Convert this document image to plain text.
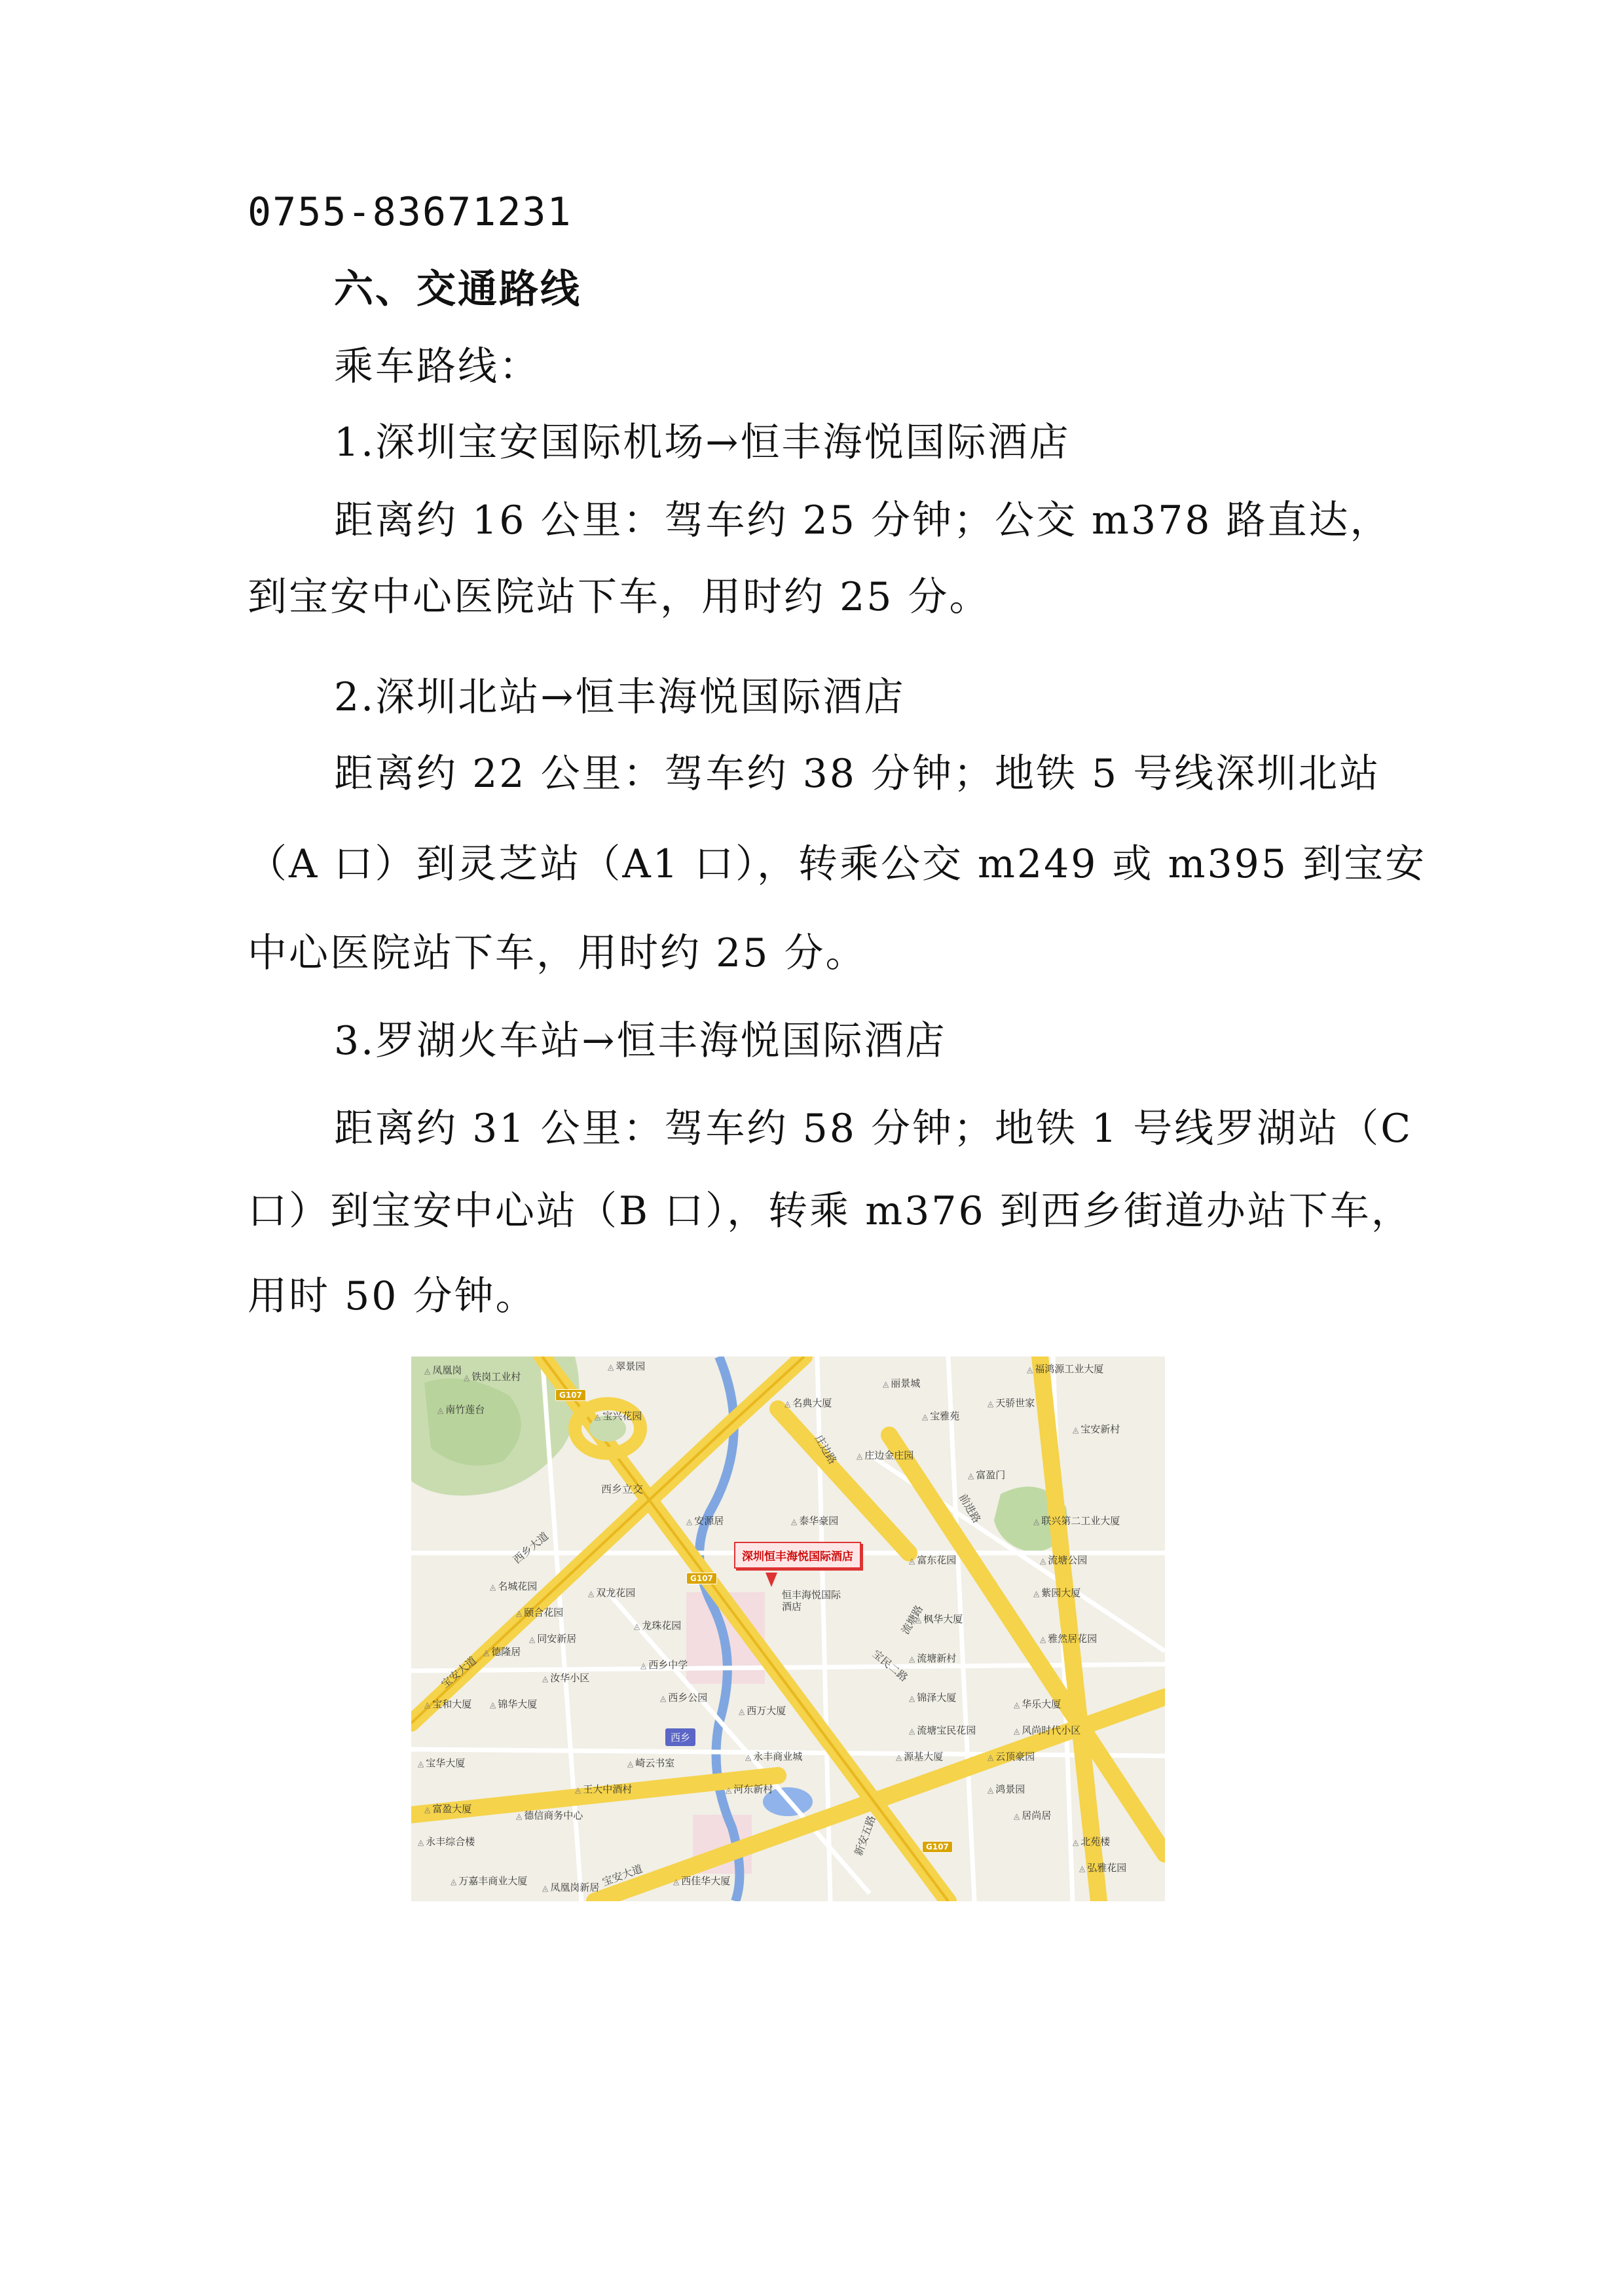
0755-83671231
六、交通路线
乘车路线：
1.深圳宝安国际机场→恒丰海悦国际酒店
距离约 16 公里：驾车约 25 分钟；公交 m378 路直达，
到宝安中心医院站下车，用时约 25 分。
2.深圳北站→恒丰海悦国际酒店
距离约 22 公里：驾车约 38 分钟；地铁 5 号线深圳北站
（A 口）到灵芝站（A1 口），转乘公交 m249 或 m395 到宝安
中心医院站下车，用时约 25 分。
3.罗湖火车站→恒丰海悦国际酒店
距离约 31 公里：驾车约 58 分钟；地铁 1 号线罗湖站（C
口）到宝安中心站（B 口），转乘 m376 到西乡街道办站下车，
用时 50 分钟。
西乡立交
G107
G107
G107
西乡大道
宝安大道
新安五路
庄边路
宝民二路
宝安大道
前进路
流塘路
◬ 翠景园
◬ 凤凰岗
◬ 铁岗工业村
◬ 南竹莲台
◬ 宝兴花园
◬ 名典大厦
◬ 丽景城
◬ 宝雅苑
◬ 天骄世家
◬ 宝安新村
◬ 福鸿源工业大厦
◬ 庄边金庄园
◬ 富盈门
◬ 安源居	◬ 泰华豪园
◬ 富东花园
◬ 联兴第二工业大厦
◬ 流塘公园
◬ 名城花园
◬ 双龙花园
◬ 颐合花园
◬ 同安新居
◬ 龙珠花园
◬ 枫华大厦
◬ 紫园大厦
◬ 雅然居花园
◬ 德隆居
◬ 汝华小区
◬ 西乡中学
◬ 流塘新村
◬ 锦泽大厦
◬ 华乐大厦
◬ 宝和大厦	◬ 锦华大厦
◬ 西乡公园
◬ 西万大厦
◬ 流塘宝民花园	◬ 风尚时代小区
◬ 崎云书室
◬ 永丰商业城	◬ 源基大厦	◬ 云顶豪园
◬ 宝华大厦
◬ 王大中酒村	◬ 河东新村	◬ 鸿景园
◬ 德信商务中心
◬ 富盈大厦
◬ 居尚居
◬ 北苑楼
◬ 永丰综合楼
◬ 万嘉丰商业大厦	◬ 西佳华大厦
◬ 弘雅花园
◬ 凤凰岗新居
西乡
深圳恒丰海悦国际酒店
恒丰海悦国际酒店
